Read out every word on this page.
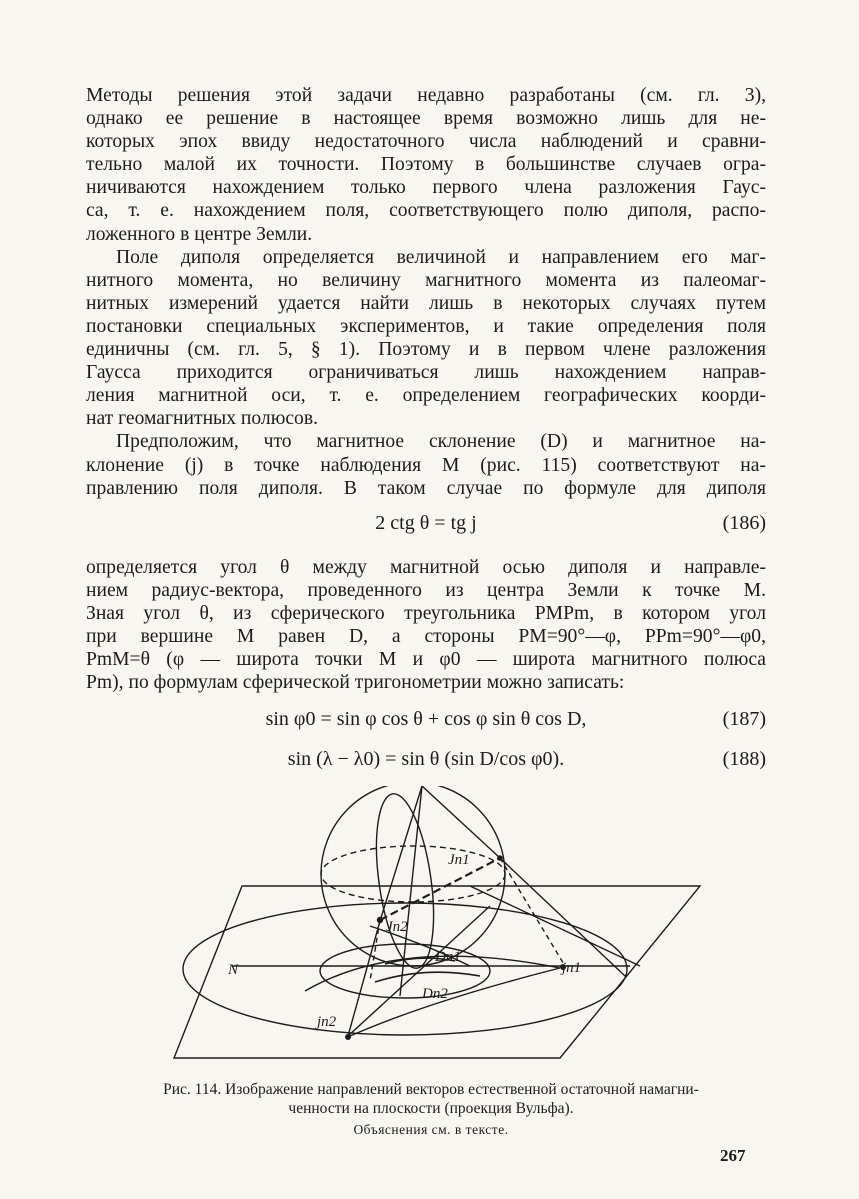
Методы решения этой задачи недавно разработаны (см. гл. 3),
однако ее решение в настоящее время возможно лишь для не-
которых эпох ввиду недостаточного числа наблюдений и сравни-
тельно малой их точности. Поэтому в большинстве случаев огра-
ничиваются нахождением только первого члена разложения Гаус-
са, т. е. нахождением поля, соответствующего полю диполя, распо-
ложенного в центре Земли.

Поле диполя определяется величиной и направлением его маг-
нитного момента, но величину магнитного момента из палеомаг-
нитных измерений удается найти лишь в некоторых случаях путем
постановки специальных экспериментов, и такие определения поля
единичны (см. гл. 5, § 1). Поэтому и в первом члене разложения
Гаусса приходится ограничиваться лишь нахождением направ-
ления магнитной оси, т. е. определением географических коорди-
нат геомагнитных полюсов.

Предположим, что магнитное склонение (D) и магнитное на-
клонение (j) в точке наблюдения M (рис. 115) соответствуют на-
правлению поля диполя. В таком случае по формуле для диполя

2 ctg θ = tg j	(186)

определяется угол θ между магнитной осью диполя и направле-
нием радиус-вектора, проведенного из центра Земли к точке M.
Зная угол θ, из сферического треугольника PMPm, в котором угол
при вершине M равен D, а стороны PM=90°—φ, PPm=90°—φ0,
PmM=θ (φ — широта точки M и φ0 — широта магнитного полюса
Pm), по формулам сферической тригонометрии можно записать:

sin φ0 = sin φ cos θ + cos φ sin θ cos D,	(187)
sin (λ − λ0) = sin θ (sin D/cos φ0).	(188)
Jn1
Jn2
Dn1
Dn2
jn1
jn2
N
Рис. 114. Изображение направлений векторов естественной остаточной намагни-
ченности на плоскости (проекция Вульфа).
Объяснения см. в тексте.
267
